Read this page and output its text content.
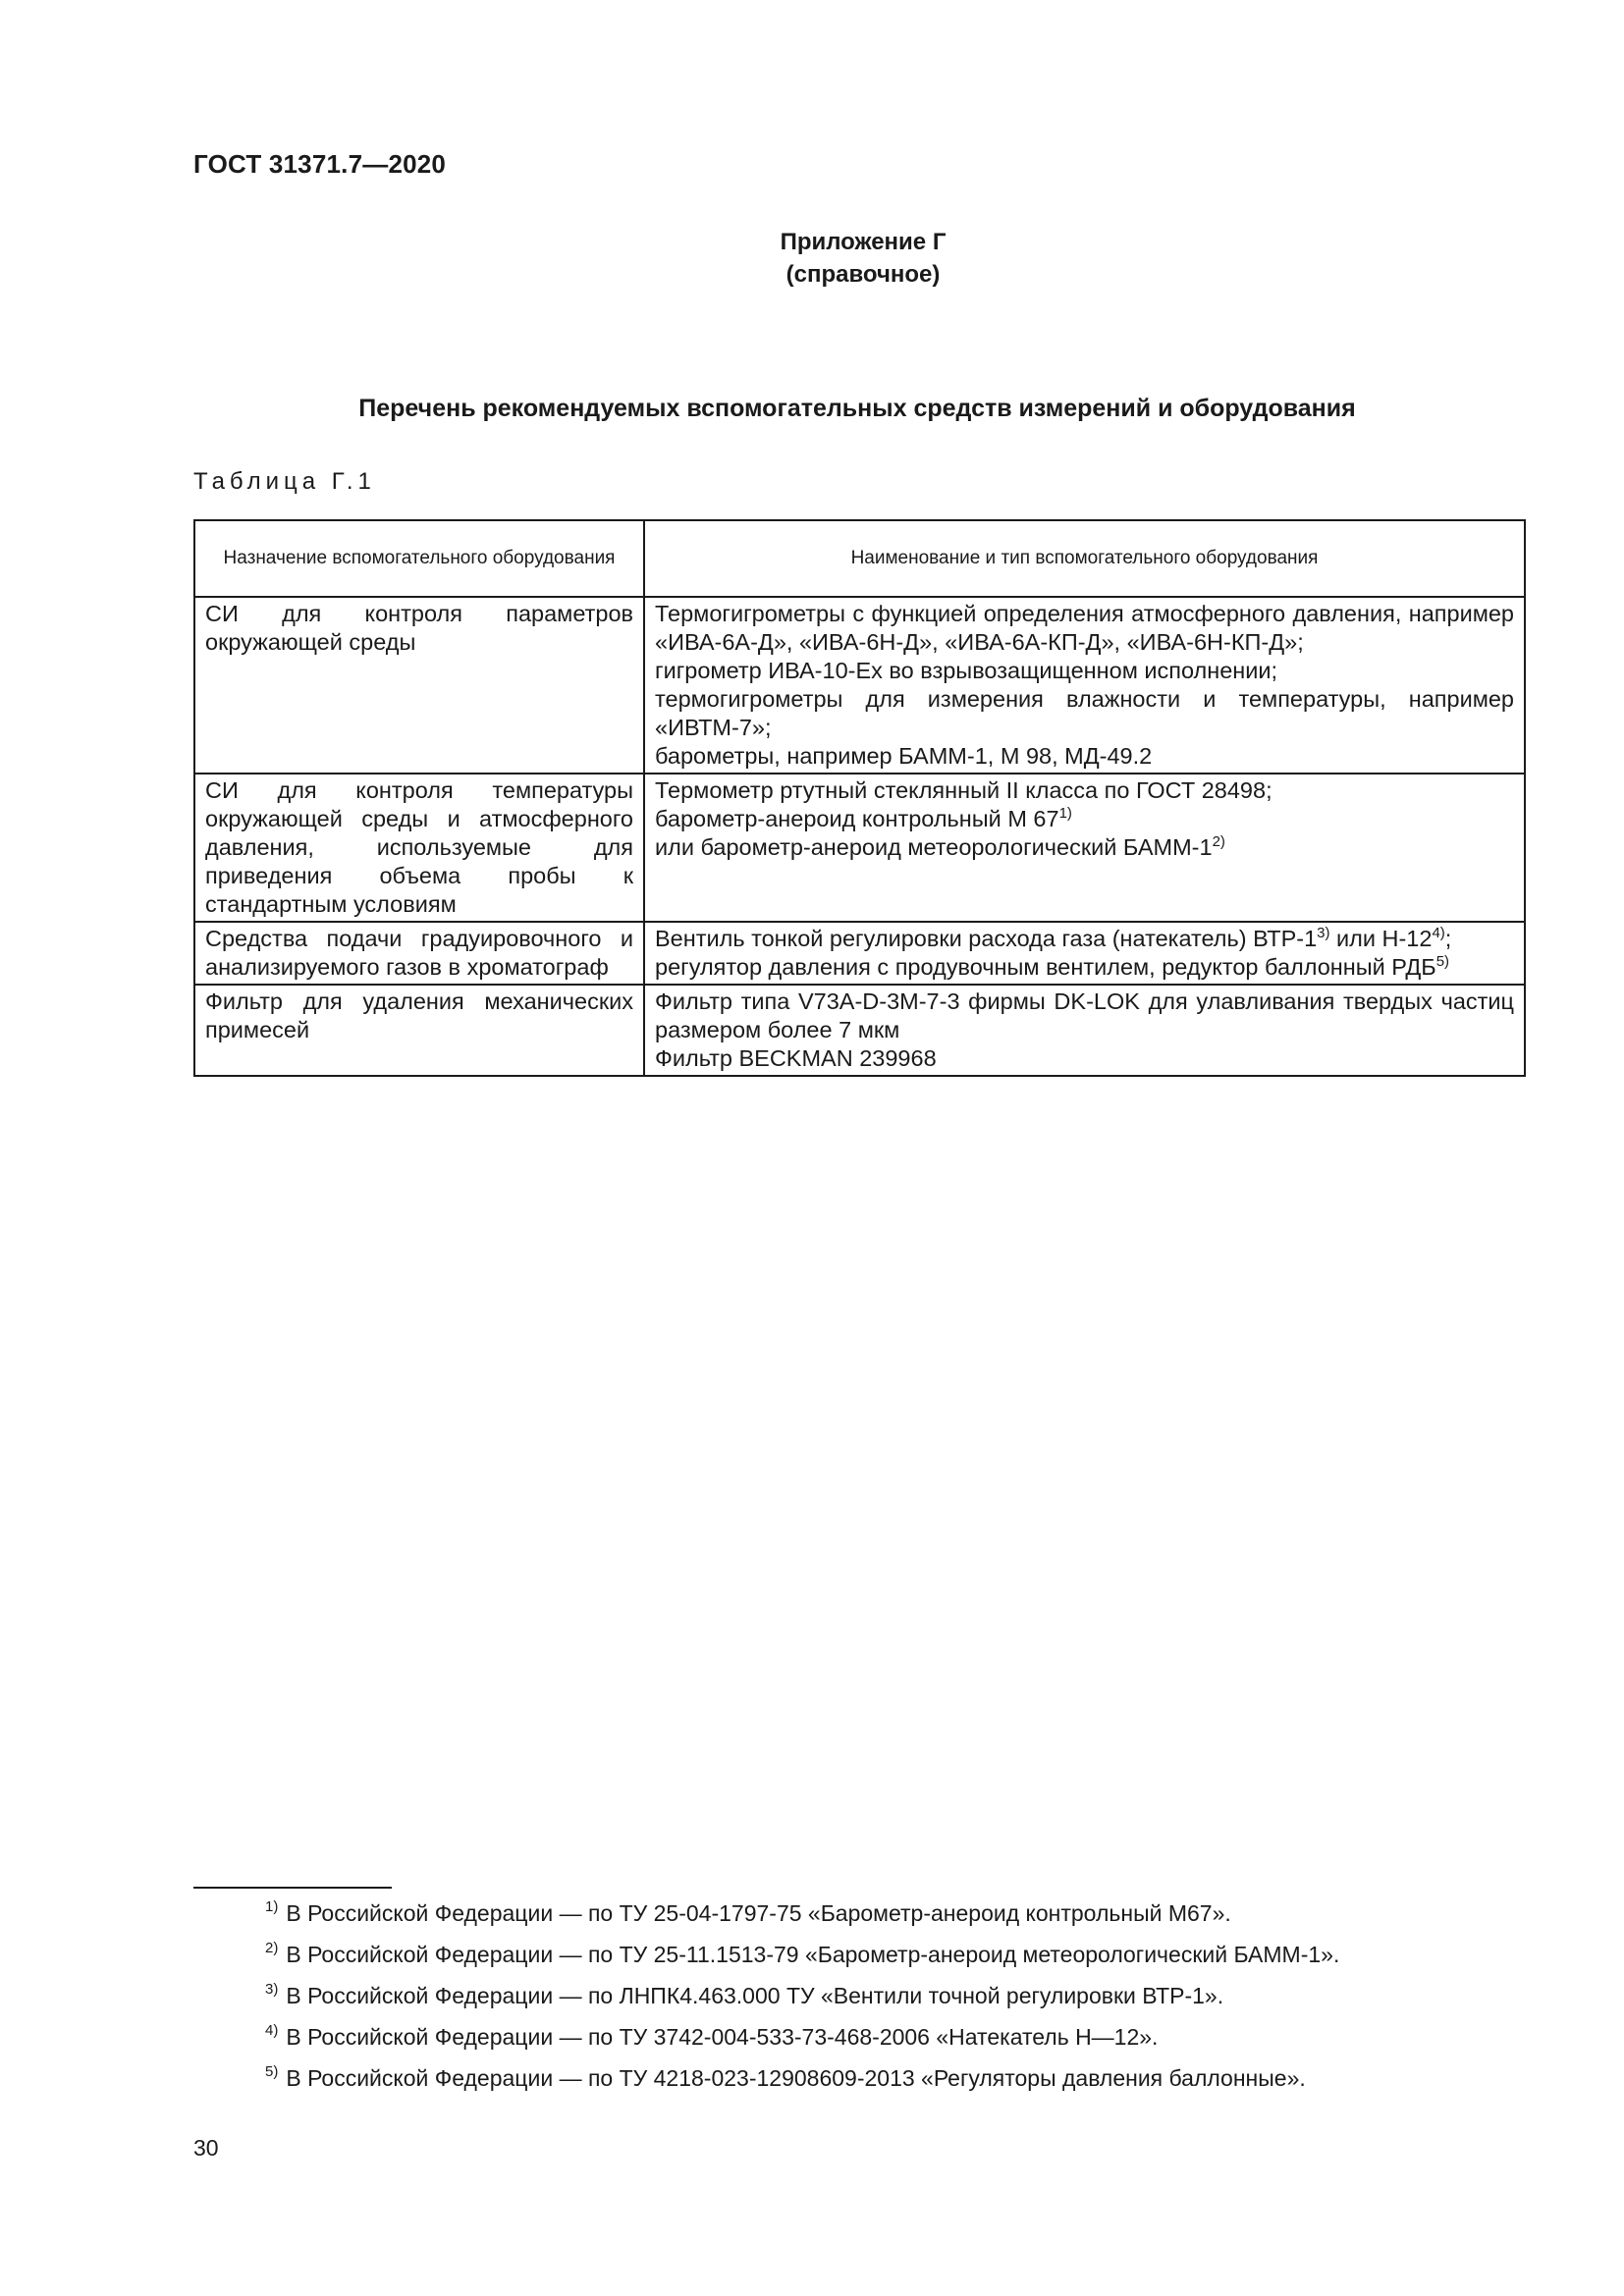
ГОСТ 31371.7—2020
Приложение Г
(справочное)
Перечень рекомендуемых вспомогательных средств измерений и оборудования
Таблица Г.1
Назначение вспомогательного оборудования	Наименование и тип вспомогательного оборудования
СИ для контроля параметров окружающей среды	Термогигрометры с функцией определения атмосферного давления, например «ИВА-6А-Д», «ИВА-6Н-Д», «ИВА-6А-КП-Д», «ИВА-6Н-КП-Д»;
гигрометр ИВА-10-Ех во взрывозащищенном исполнении;
термогигрометры для измерения влажности и температуры, например «ИВТМ-7»;
барометры, например БАММ-1, М 98, МД-49.2

СИ для контроля температуры окружающей среды и атмосферного давления, используемые для приведения объема пробы к стандартным условиям	Термометр ртутный стеклянный II класса по ГОСТ 28498;
барометр-анероид контрольный М 67$^{1)}$
или барометр-анероид метеорологический БАММ-1$^{2)}$

Средства подачи градуировочного и анализируемого газов в хроматограф	Вентиль тонкой регулировки расхода газа (натекатель) ВТР-1$^{3)}$ или Н-12$^{4)}$;
регулятор давления с продувочным вентилем, редуктор баллонный РДБ$^{5)}$

Фильтр для удаления механических примесей	Фильтр типа V73A-D-3M-7-3 фирмы DK-LOK для улавливания твердых частиц размером более 7 мкм
Фильтр BECKMAN 239968
$^{1)}$ В Российской Федерации — по ТУ 25-04-1797-75 «Барометр-анероид контрольный М67».
$^{2)}$ В Российской Федерации — по ТУ 25-11.1513-79 «Барометр-анероид метеорологический БАММ-1».
$^{3)}$ В Российской Федерации — по ЛНПК4.463.000 ТУ «Вентили точной регулировки ВТР-1».
$^{4)}$ В Российской Федерации — по ТУ 3742-004-533-73-468-2006 «Натекатель Н—12».
$^{5)}$ В Российской Федерации — по ТУ 4218-023-12908609-2013 «Регуляторы давления баллонные».
30
